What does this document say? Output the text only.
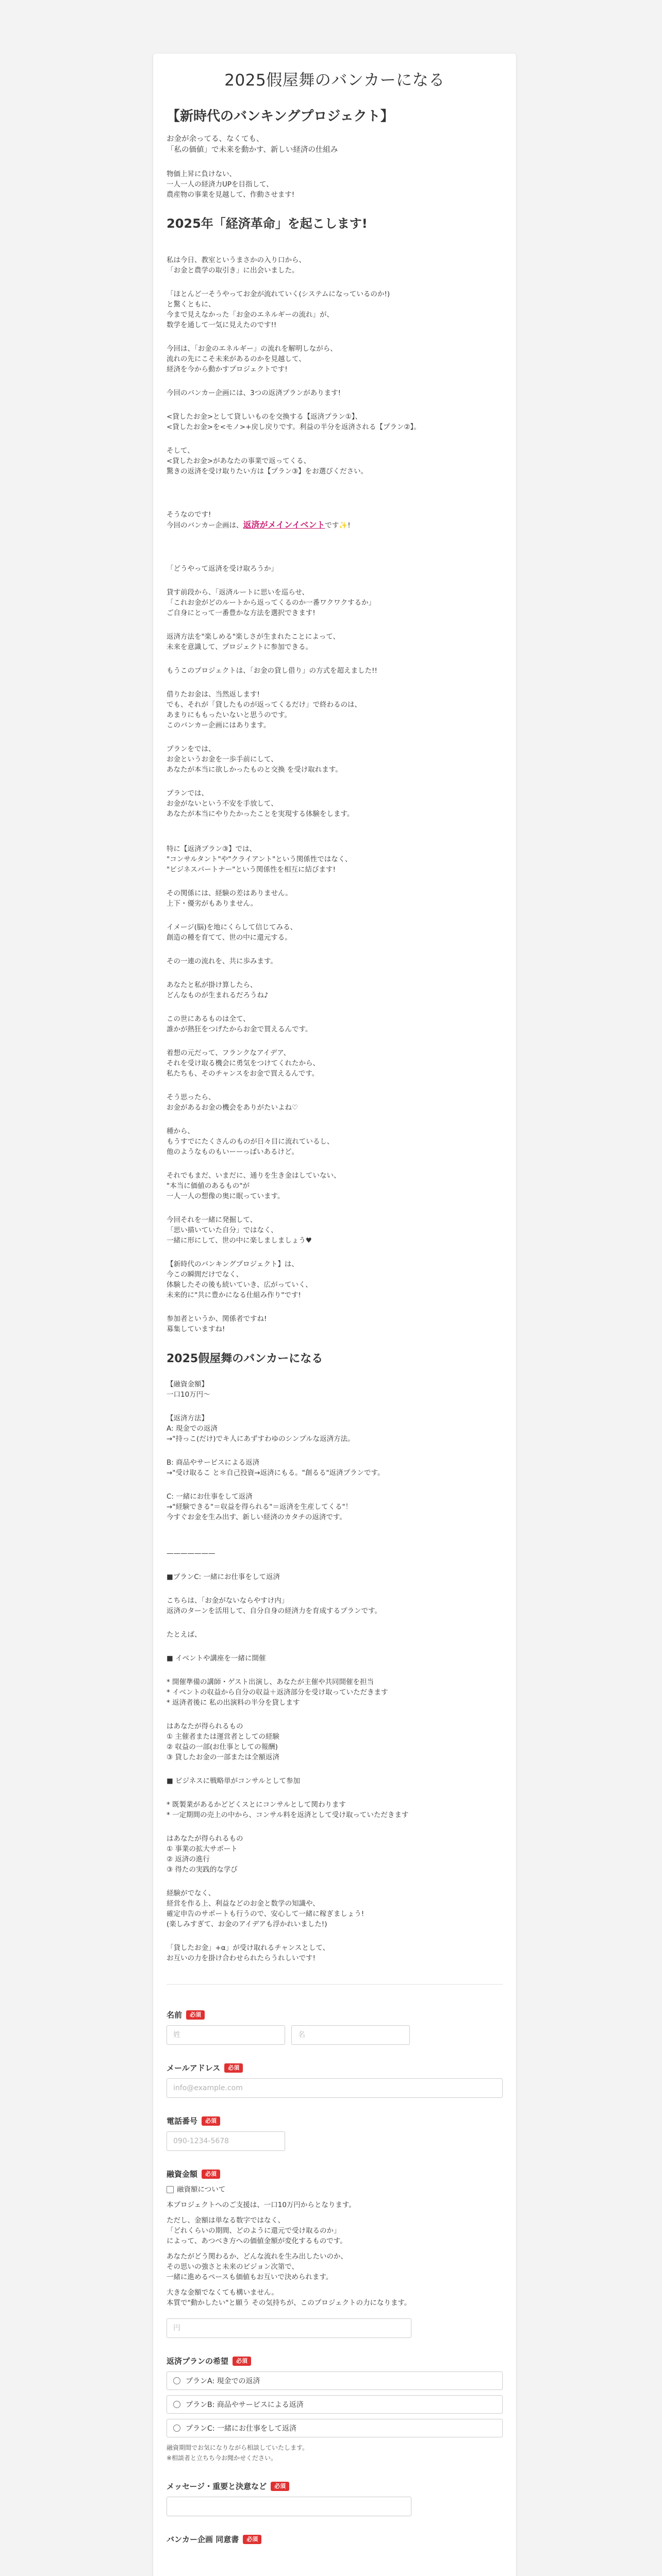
2025假屋舞のバンカーになる
【新時代のバンキングプロジェクト】

お金が余ってる、なくても、
「私の価値」で未来を動かす、新しい経済の仕組み

物価上昇に負けない、
一人一人の経済力UPを目指して、
農産物の事業を見越して、作動させます!

2025年「経済革命」を起こします!

私は今日、教室というまさかの入り口から、
「お金と農学の取引き」に出会いました。

「ほとんど一そうやってお金が流れていく(システムになっているのか!)
と驚くともに、
今まで見えなかった「お金のエネルギーの流れ」が、
数学を通して一気に見えたのです!!

今回は、「お金のエネルギー」の流れを解明しながら、
流れの先にこそ未来があるのかを見越して、
経済を今から動かすプロジェクトです!

今回のバンカー企画には、3つの返済プランがあります!

<貸したお金>として貸しいものを交換する【返済プラン①】、
<貸したお金>を<モノ>+戻し戻りです。利益の半分を返済される【プラン②】。

そして、
<貸したお金>があなたの事業で返ってくる、
驚きの返済を受け取りたい方は【プラン③】をお選びください。

そうなのです!
今回のバンカー企画は、返済がメインイベントです✨!

「どうやって返済を受け取ろうか」

貸す前段から、「返済ルートに思いを巡らせ、
「これお金がどのルートから返ってくるのか一番ワクワクするか」
ご自身にとって一番豊かな方法を選択できます!

返済方法を"楽しめる"楽しさが生まれたことによって、
未来を意識して、プロジェクトに参加できる。

もうこのプロジェクトは、「お金の貸し借り」の方式を超えました!!

借りたお金は、当然返します!
でも、それが「貸したものが返ってくるだけ」で終わるのは、
あまりにももったいないと思うのです。
このバンカー企画にはあります。

プランをでは、
お金というお金を一歩手前にして、
あなたが本当に欲しかったものと交換 を受け取れます。

プランでは、
お金がないという不安を手放して、
あなたが本当にやりたかったことを実現する体験をします。

特に【返済プラン③】では、
"コンサルタント"や"クライアント"という関係性ではなく、
"ビジネスパートナー"という関係性を相互に結びます!

その関係には、経験の差はありません。
上下・優劣がもありません。

イメージ(脳)を地にくらして信じてみる、
創造の種を育てて、世の中に還元する。

その一連の流れを、共に歩みます。

あなたと私が掛け算したら、
どんなものが生まれるだろうね♪

この世にあるものは全て、
誰かが熱狂をつげたからお金で買えるんです。

着想の元だって、フランクなアイデア、
それを受け取る機会に勇気をつけてくれたから、
私たちも、そのチャンスをお金で買えるんです。

そう思ったら、
お金があるお金の機会をありがたいよね♡

種から、
もうすでにたくさんのものが日々目に流れているし、
他のようなものもいーーっぱいあるけど。

それでもまだ、いまだに、通りを生き金はしていない、
"本当に価値のあるもの"が
一人一人の想像の奥に眠っています。

今回それを一緒に発掘して、
「思い描いていた自分」ではなく、
一緒に形にして、世の中に楽しましましょう♥

【新時代のバンキングプロジェクト】は、
今この瞬間だけでなく、
体験したその後も続いていき、広がっていく、
未来的に"共に豊かになる仕組み作り"です!

参加者というか、関係者ですね!
募集していますね!

2025假屋舞のバンカーになる

【融資金額】
一口10万円〜

【返済方法】
A: 現金での返済
→"持っこ(だけ)でキ人にあずすわゆのシンプルな返済方法。

B: 商品やサービスによる返済
→"受け取るこ と＊自己投資→返済にもる。"創るる"返済プランです。

C: 一緒にお仕事をして返済
→"経験できる"＝収益を得られる"＝返済を生産してくる"！
今すぐお金を生み出す、新しい経済のカタチの返済です。

———————

■プランC: 一緒にお仕事をして返済

こちらは、「お金がないならやすけ内」
返済のターンを活用して、自分自身の経済力を育成するプランです。

たとえば、

■ イベントや講座を一緒に開催

* 開催準備の講師・ゲスト出演し、あなたが主催や共同開催を担当
* イベントの収益から自分の収益＋返済部分を受け取っていただきます
* 返済者後に 私の出演料の半分を貸します

はあなたが得られるもの
① 主催者または運営者としての経験
② 収益の一部(お仕事としての報酬)
③ 貸したお金の一部または全額返済

■ ビジネスに戦略単がコンサルとして参加

* 既製業があるかどどくスとにコンサルとして関わります
* 一定期間の売上の中から、コンサル料を返済として受け取っていただきます

はあなたが得られるもの
① 事業の拡大サポート
② 返済の進行
③ 得たの実践的な学び

経験がでなく、
経営を作る上、利益などのお金と数学の知識や、
確定申告のサポートも行うので、安心して一緒に稼ぎましょう!
(楽しみすぎて、お金のアイデアも浮かれいました!)

「貸したお金」+α」が受け取れるチャンスとして、
お互いの力を掛け合わせられたらうれしいです!

名前	必須
姓
名
メールアドレス	必須
info@example.com
電話番号	必須
090-1234-5678
融資金額	必須
融資額について
本プロジェクトへのご支援は、一口10万円からとなります。
ただし、金額は単なる数字ではなく、
「どれくらいの期間、どのように還元で受け取るのか」
によって、あつべき方への価値金額が変化するものです。
あなたがどう関わるか、どんな流れを生み出したいのか、
その思いの強さと未来のビジョン次第で、
一緒に進めるペースも価値もお互いで決められます。
大きな金額でなくても構いません。
本質で"動かしたい"と願う その気持ちが、このプロジェクトの力になります。
円
返済プランの希望	必須
プランA: 現金での返済
プランB: 商品やサービスによる返済
プランC: 一緒にお仕事をして返済
融資期間でお気になりながら相談していたします。
※相談者と立ちち今お聞かせください。
メッセージ・重要と決意など	必須
バンカー企画 同意書	必須
